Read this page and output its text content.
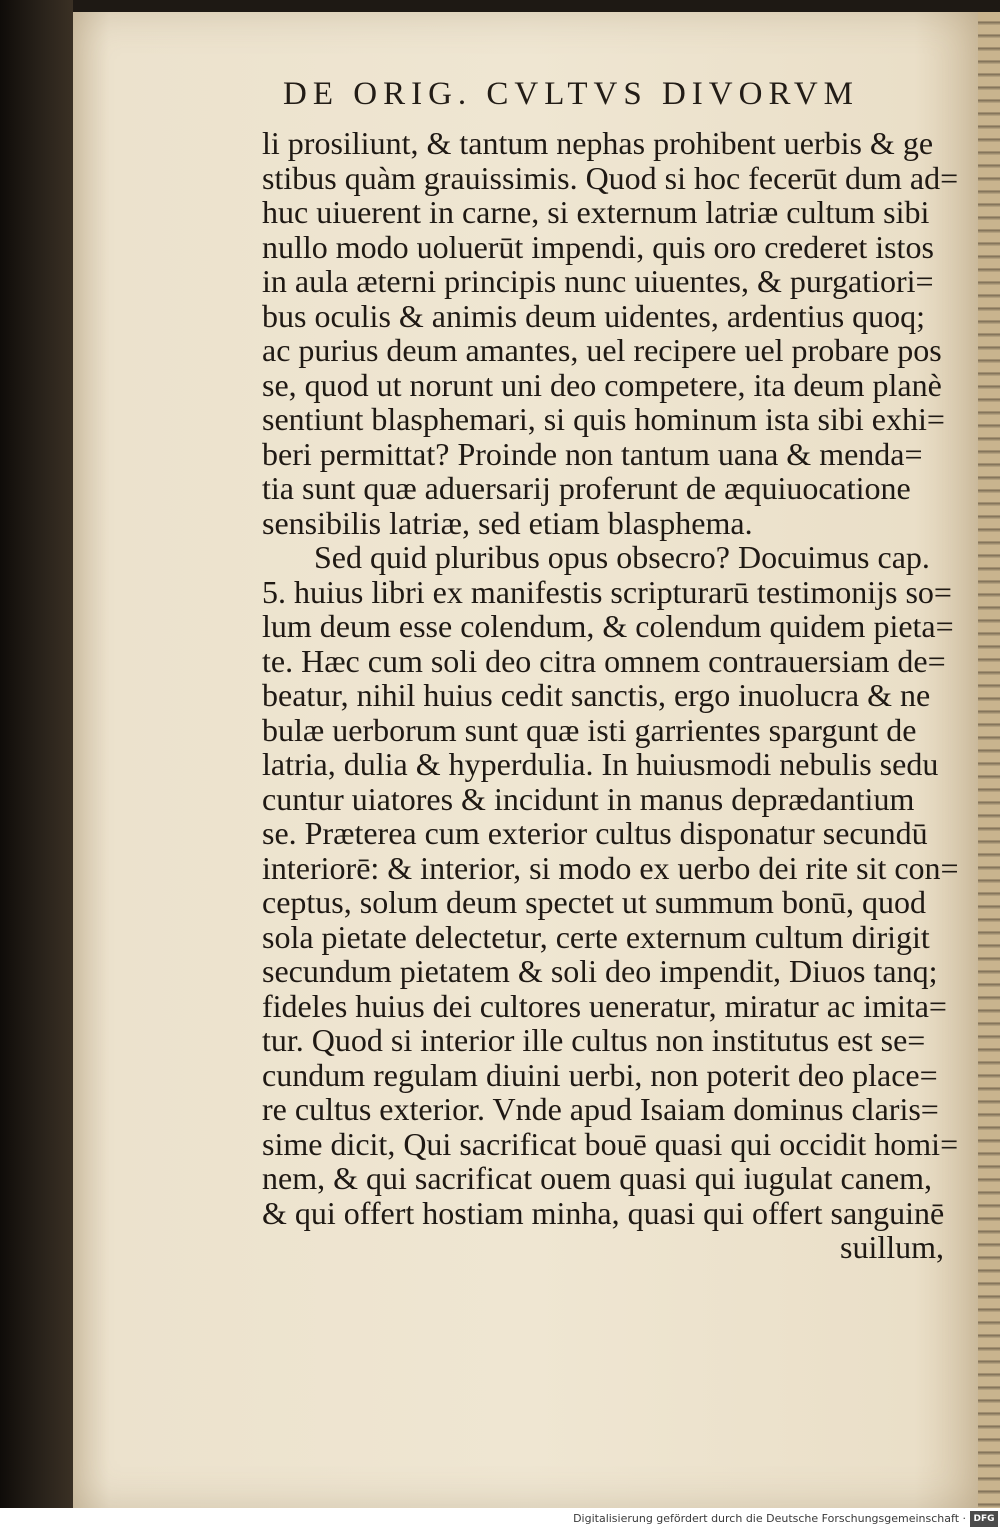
DE ORIG. CVLTVS DIVORVM
li prosiliunt, & tantum nephas prohibent uerbis & ge
stibus quàm grauissimis. Quod si hoc fecerūt dum ad=
huc uiuerent in carne, si externum latriæ cultum sibi
nullo modo uoluerūt impendi, quis oro crederet istos
in aula æterni principis nunc uiuentes, & purgatiori=
bus oculis & animis deum uidentes, ardentius quoq;
ac purius deum amantes, uel recipere uel probare pos
se, quod ut norunt uni deo competere, ita deum planè
sentiunt blasphemari, si quis hominum ista sibi exhi=
beri permittat? Proinde non tantum uana & menda=
tia sunt quæ aduersarij proferunt de æquiuocatione
sensibilis latriæ, sed etiam blasphema.
Sed quid pluribus opus obsecro? Docuimus cap.
5. huius libri ex manifestis scripturarū testimonijs so=
lum deum esse colendum, & colendum quidem pieta=
te. Hæc cum soli deo citra omnem contrauersiam de=
beatur, nihil huius cedit sanctis, ergo inuolucra & ne
bulæ uerborum sunt quæ isti garrientes spargunt de
latria, dulia & hyperdulia. In huiusmodi nebulis sedu
cuntur uiatores & incidunt in manus deprædantium
se. Præterea cum exterior cultus disponatur secundū
interiorē: & interior, si modo ex uerbo dei rite sit con=
ceptus, solum deum spectet ut summum bonū, quod
sola pietate delectetur, certe externum cultum dirigit
secundum pietatem & soli deo impendit, Diuos tanq;
fideles huius dei cultores ueneratur, miratur ac imita=
tur. Quod si interior ille cultus non institutus est se=
cundum regulam diuini uerbi, non poterit deo place=
re cultus exterior. Vnde apud Isaiam dominus claris=
sime dicit, Qui sacrificat bouē quasi qui occidit homi=
nem, & qui sacrificat ouem quasi qui iugulat canem,
& qui offert hostiam minha, quasi qui offert sanguinē
suillum,
Digitalisierung gefördert durch die Deutsche Forschungsgemeinschaft · DFG
